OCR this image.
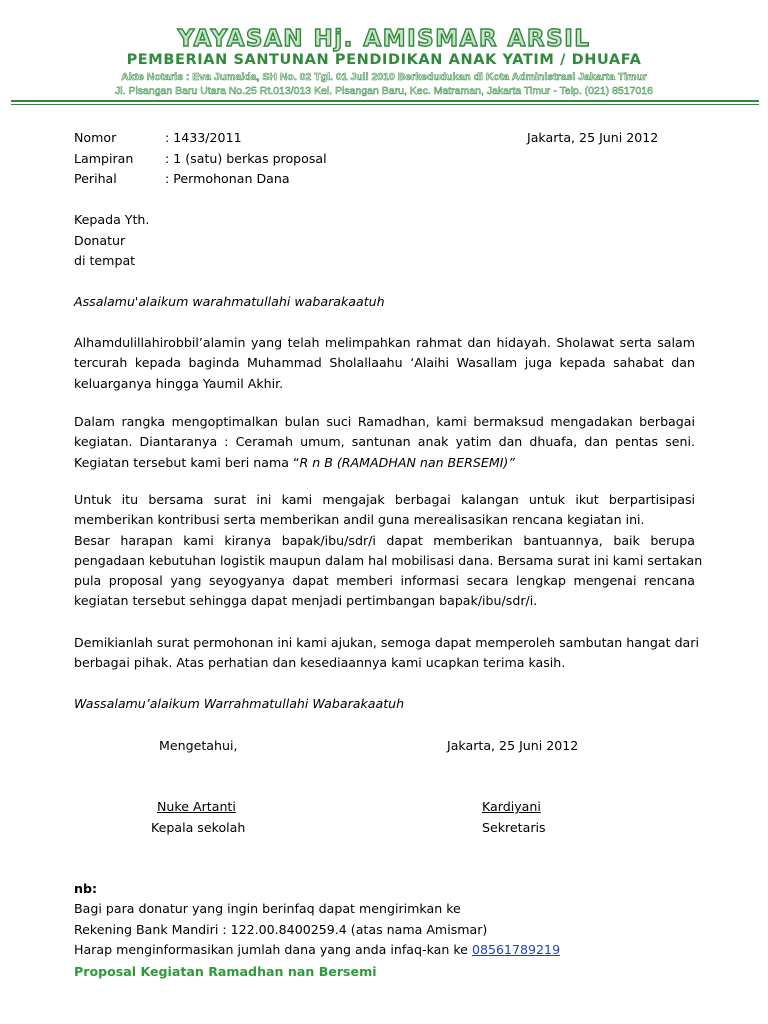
YAYASAN Hj. AMISMAR ARSIL
PEMBERIAN SANTUNAN PENDIDIKAN ANAK YATIM / DHUAFA
Akte Notaris : Eva Jumaida, SH No. 02 Tgl. 01 Juli 2010 Berkedudukan di Kota Administrasi Jakarta Timur
Jl. Pisangan Baru Utara No.25 Rt.013/013 Kel. Pisangan Baru, Kec. Matraman, Jakarta Timur - Telp. (021) 8517016
Nomor	: 1433/2011	Jakarta, 25 Juni 2012
Lampiran	: 1 (satu) berkas proposal
Perihal	: Permohonan Dana
Kepada Yth.
Donatur
di tempat
Assalamu'alaikum warahmatullahi wabarakaatuh
Alhamdulillahirobbil’alamin yang telah melimpahkan rahmat dan hidayah. Sholawat serta salam
tercurah kepada baginda Muhammad Sholallaahu ‘Alaihi Wasallam juga kepada sahabat dan
keluarganya hingga Yaumil Akhir.
Dalam rangka mengoptimalkan bulan suci Ramadhan, kami bermaksud mengadakan berbagai
kegiatan. Diantaranya : Ceramah umum, santunan anak yatim dan dhuafa, dan pentas seni.
Kegiatan tersebut kami beri nama “R n B (RAMADHAN nan BERSEMI)”
Untuk itu bersama surat ini kami mengajak berbagai kalangan untuk ikut berpartisipasi
memberikan kontribusi serta memberikan andil guna merealisasikan rencana kegiatan ini.
Besar harapan kami kiranya bapak/ibu/sdr/i dapat memberikan bantuannya, baik berupa
pengadaan kebutuhan logistik maupun dalam hal mobilisasi dana. Bersama surat ini kami sertakan
pula proposal yang seyogyanya dapat memberi informasi secara lengkap mengenai rencana
kegiatan tersebut sehingga dapat menjadi pertimbangan bapak/ibu/sdr/i.
Demikianlah surat permohonan ini kami ajukan, semoga dapat memperoleh sambutan hangat dari
berbagai pihak. Atas perhatian dan kesediaannya kami ucapkan terima kasih.
Wassalamu’alaikum Warrahmatullahi Wabarakaatuh
Mengetahui,	Jakarta, 25 Juni 2012
Nuke Artanti
Kepala sekolah
Kardiyani
Sekretaris
nb:
Bagi para donatur yang ingin berinfaq dapat mengirimkan ke
Rekening Bank Mandiri : 122.00.8400259.4 (atas nama Amismar)
Harap menginformasikan jumlah dana yang anda infaq-kan ke 08561789219
Proposal Kegiatan Ramadhan nan Bersemi
